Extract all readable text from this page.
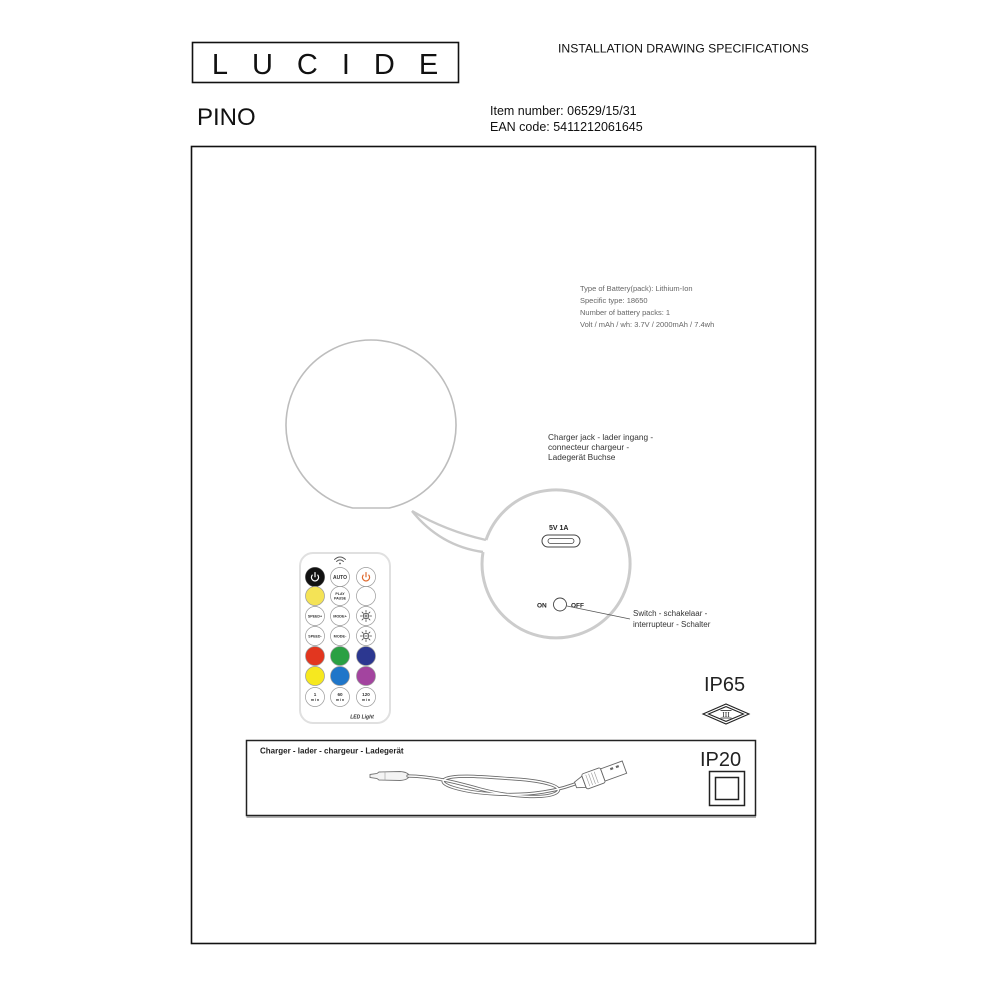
LUCIDE
INSTALLATION DRAWING SPECIFICATIONS
PINO	Item number: 06529/15/31
EAN code: 5411212061645
Type of Battery(pack): Lithium-Ion
Specific type: 18650
Number of battery packs: 1
Volt / mAh / wh: 3.7V / 2000mAh / 7.4wh
5V 1A
Charger jack - lader ingang -
connecteur chargeur -
Ladegerät Buchse
ON	OFF
Switch - schakelaar -
interrupteur - Schalter
AUTO
PLAY
PAUSE
SPEED+	MODE+
SPEED-	MODE-
1
min
60
min
120
min
LED Light
IP65
III
Charger - lader - chargeur - Ladegerät	IP20
